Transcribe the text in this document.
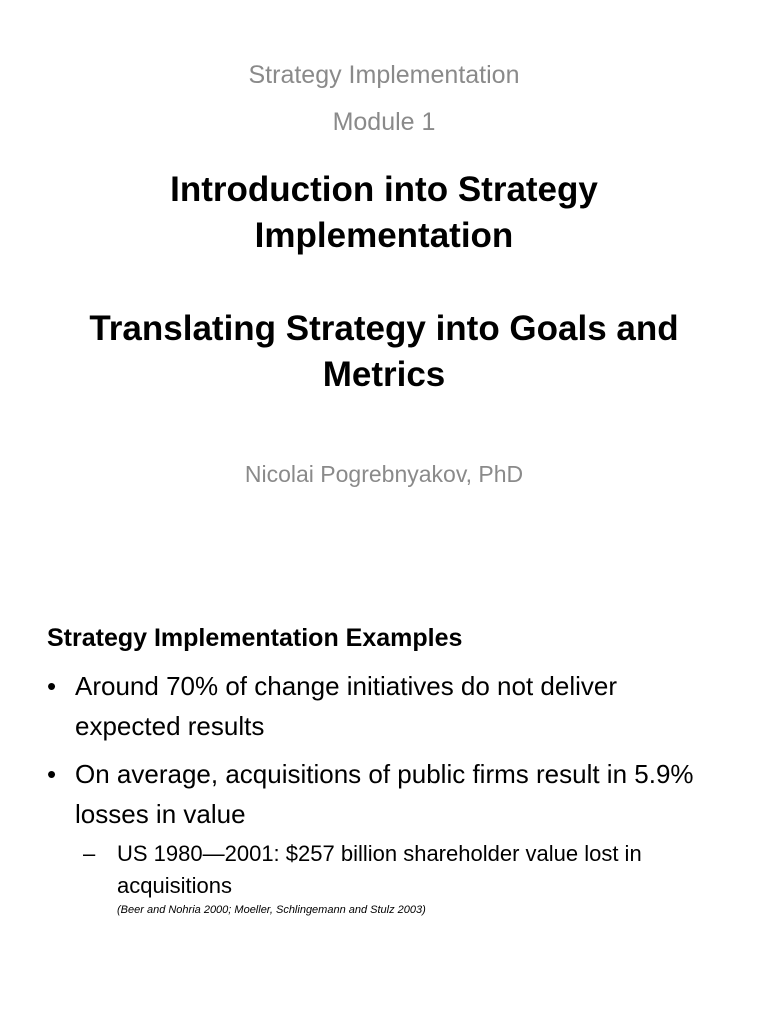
Strategy Implementation
Module 1
Introduction into Strategy Implementation
Translating Strategy into Goals and Metrics
Nicolai Pogrebnyakov, PhD
Strategy Implementation Examples
• Around 70% of change initiatives do not deliver expected results
• On average, acquisitions of public firms result in 5.9% losses in value
– US 1980—2001: $257 billion shareholder value lost in acquisitions
(Beer and Nohria 2000; Moeller, Schlingemann and Stulz 2003)
